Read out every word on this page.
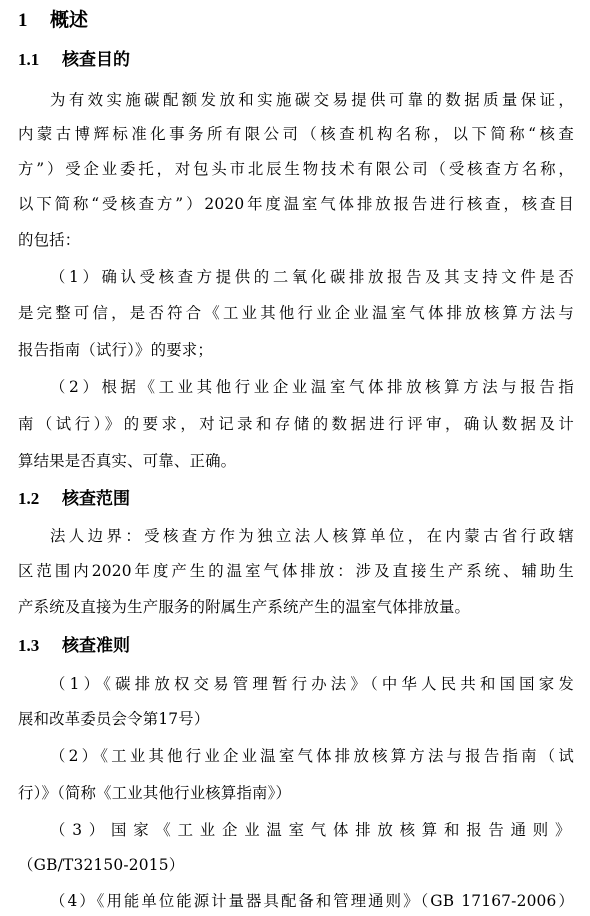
1 概述
1.1 核查目的
为有效实施碳配额发放和实施碳交易提供可靠的数据质量保证，
内蒙古博辉标准化事务所有限公司（核查机构名称，以下简称“核查
方”）受企业委托，对包头市北辰生物技术有限公司（受核查方名称，
以下简称“受核查方”）2020年度温室气体排放报告进行核查，核查目
的包括：
（1）确认受核查方提供的二氧化碳排放报告及其支持文件是否
是完整可信，是否符合《工业其他行业企业温室气体排放核算方法与
报告指南（试行）》的要求；
（2）根据《工业其他行业企业温室气体排放核算方法与报告指
南（试行）》的要求，对记录和存储的数据进行评审，确认数据及计
算结果是否真实、可靠、正确。
1.2 核查范围
法人边界：受核查方作为独立法人核算单位，在内蒙古省行政辖
区范围内2020年度产生的温室气体排放：涉及直接生产系统、辅助生
产系统及直接为生产服务的附属生产系统产生的温室气体排放量。
1.3 核查准则
（1）《碳排放权交易管理暂行办法》（中华人民共和国国家发
展和改革委员会令第17号）
（2）《工业其他行业企业温室气体排放核算方法与报告指南（试
行）》（简称《工业其他行业核算指南》）
（3）国家《工业企业温室气体排放核算和报告通则》
（GB/T32150-2015）
（4）《用能单位能源计量器具配备和管理通则》（GB 17167-2006）
